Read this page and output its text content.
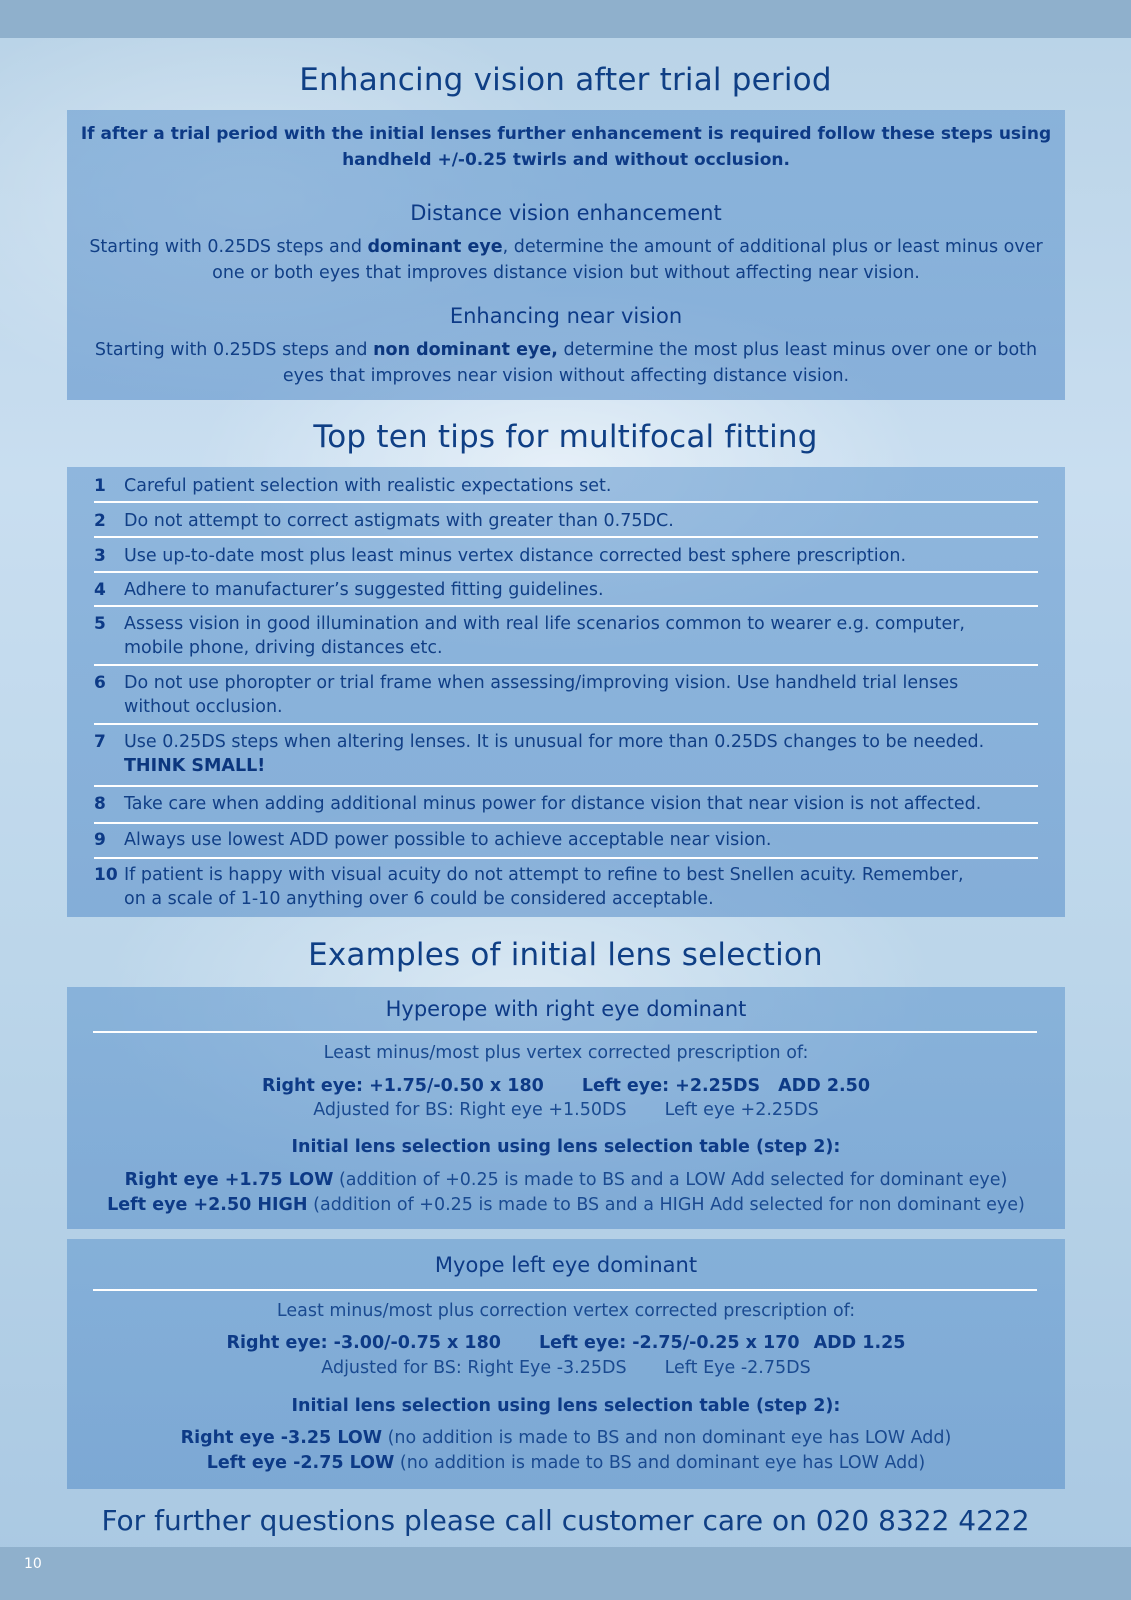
Enhancing vision after trial period
If after a trial period with the initial lenses further enhancement is required follow these steps using
handheld +/-0.25 twirls and without occlusion.
Distance vision enhancement
Starting with 0.25DS steps and dominant eye, determine the amount of additional plus or least minus over
one or both eyes that improves distance vision but without affecting near vision.
Enhancing near vision
Starting with 0.25DS steps and non dominant eye, determine the most plus least minus over one or both
eyes that improves near vision without affecting distance vision.
Top ten tips for multifocal fitting
1	Careful patient selection with realistic expectations set.
2	Do not attempt to correct astigmats with greater than 0.75DC.
3	Use up-to-date most plus least minus vertex distance corrected best sphere prescription.
4	Adhere to manufacturer’s suggested fitting guidelines.
5	Assess vision in good illumination and with real life scenarios common to wearer e.g. computer,
mobile phone, driving distances etc.
6	Do not use phoropter or trial frame when assessing/improving vision. Use handheld trial lenses
without occlusion.
7	Use 0.25DS steps when altering lenses. It is unusual for more than 0.25DS changes to be needed.
THINK SMALL!
8	Take care when adding additional minus power for distance vision that near vision is not affected.
9	Always use lowest ADD power possible to achieve acceptable near vision.
10 If patient is happy with visual acuity do not attempt to refine to best Snellen acuity. Remember,
on a scale of 1-10 anything over 6 could be considered acceptable.
Examples of initial lens selection
Hyperope with right eye dominant
Least minus/most plus vertex corrected prescription of:
Right eye: +1.75/-0.50 x 180 Left eye: +2.25DS ADD 2.50
Adjusted for BS: Right eye +1.50DS Left eye +2.25DS
Initial lens selection using lens selection table (step 2):
Right eye +1.75 LOW (addition of +0.25 is made to BS and a LOW Add selected for dominant eye)
Left eye +2.50 HIGH (addition of +0.25 is made to BS and a HIGH Add selected for non dominant eye)
Myope left eye dominant
Least minus/most plus correction vertex corrected prescription of:
Right eye: -3.00/-0.75 x 180 Left eye: -2.75/-0.25 x 170 ADD 1.25
Adjusted for BS: Right Eye -3.25DS Left Eye -2.75DS
Initial lens selection using lens selection table (step 2):
Right eye -3.25 LOW (no addition is made to BS and non dominant eye has LOW Add)
Left eye -2.75 LOW (no addition is made to BS and dominant eye has LOW Add)
For further questions please call customer care on 020 8322 4222
10
